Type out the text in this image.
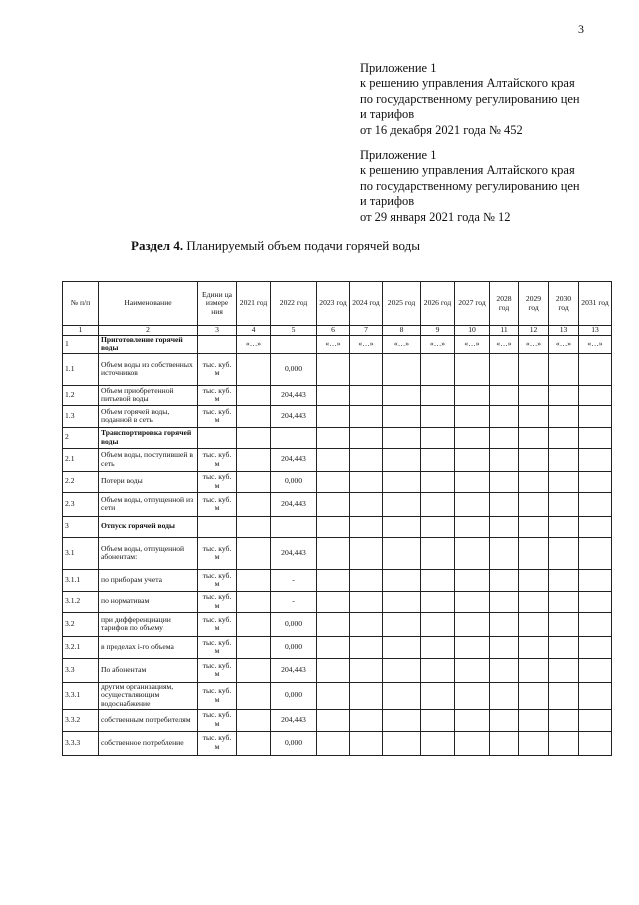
3
Приложение 1
к решению управления Алтайского края
по государственному регулированию цен
и тарифов
от 16 декабря 2021 года № 452
Приложение 1
к решению управления Алтайского края
по государственному регулированию цен
и тарифов
от 29 января 2021 года № 12
Раздел 4. Планируемый объем подачи горячей воды
№ п/п	Наименование	Едини ца измере ния	2021 год	2022 год	2023 год	2024 год	2025 год	2026 год	2027 год	2028 год	2029 год	2030 год	2031 год
1	2	3	4	5	6	7	8	9	10	11	12	13	13
1	Приготовление горячей воды		«…»		«…»	«…»	«…»	«…»	«…»	«…»	«…»	«…»	«…»
1.1	Объем воды из собственных источников	тыс. куб. м		0,000									
1.2	Объем приобретенной питьевой воды	тыс. куб. м		204,443									
1.3	Объем горячей воды, поданной в сеть	тыс. куб. м		204,443									
2	Транспортировка горячей воды												
2.1	Объем воды, поступившей в сеть	тыс. куб. м		204,443									
2.2	Потери воды	тыс. куб. м		0,000									
2.3	Объем воды, отпущенной из сети	тыс. куб. м		204,443									
3	Отпуск горячей воды												
3.1	Объем воды, отпущенной абонентам:	тыс. куб. м		204,443									
3.1.1	по приборам учета	тыс. куб. м		-									
3.1.2	по нормативам	тыс. куб. м		-									
3.2	при дифференциации тарифов по объему	тыс. куб. м		0,000									
3.2.1	в пределах i-го объема	тыс. куб. м		0,000									
3.3	По абонентам	тыс. куб. м		204,443									
3.3.1	другим организациям, осуществляющим водоснабжение	тыс. куб. м		0,000									
3.3.2	собственным потребителям	тыс. куб. м		204,443									
3.3.3	собственное потребление	тыс. куб. м		0,000									
